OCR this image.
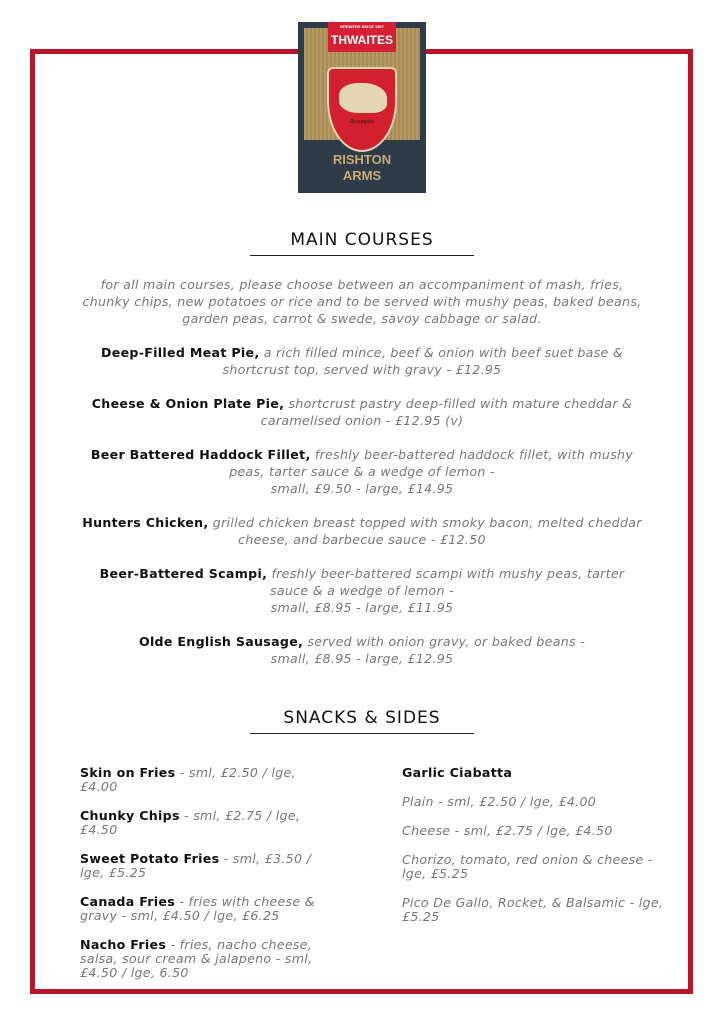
BREWERS SINCE 1807
THWAITES
Resurgam
RISHTON
ARMS
MAIN COURSES

for all main courses, please choose between an accompaniment of mash, fries, chunky chips, new potatoes or rice and to be served with mushy peas, baked beans, garden peas, carrot & swede, savoy cabbage or salad.

Deep-Filled Meat Pie, a rich filled mince, beef & onion with beef suet base & shortcrust top, served with gravy - £12.95

Cheese & Onion Plate Pie, shortcrust pastry deep-filled with mature cheddar & caramelised onion - £12.95 (v)

Beer Battered Haddock Fillet, freshly beer-battered haddock fillet, with mushy peas, tarter sauce & a wedge of lemon -
small, £9.50 - large, £14.95

Hunters Chicken, grilled chicken breast topped with smoky bacon, melted cheddar cheese, and barbecue sauce - £12.50

Beer-Battered Scampi, freshly beer-battered scampi with mushy peas, tarter sauce & a wedge of lemon -
small, £8.95 - large, £11.95

Olde English Sausage, served with onion gravy, or baked beans -
small, £8.95 - large, £12.95

SNACKS & SIDES

Skin on Fries - sml, £2.50 / lge, £4.00

Chunky Chips - sml, £2.75 / lge, £4.50

Sweet Potato Fries - sml, £3.50 / lge, £5.25

Canada Fries - fries with cheese & gravy - sml, £4.50 / lge, £6.25

Nacho Fries - fries, nacho cheese, salsa, sour cream & jalapeno - sml, £4.50 / lge, 6.50

Garlic Ciabatta

Plain - sml, £2.50 / lge, £4.00

Cheese - sml, £2.75 / lge, £4.50

Chorizo, tomato, red onion & cheese - lge, £5.25

Pico De Gallo, Rocket, & Balsamic - lge, £5.25
